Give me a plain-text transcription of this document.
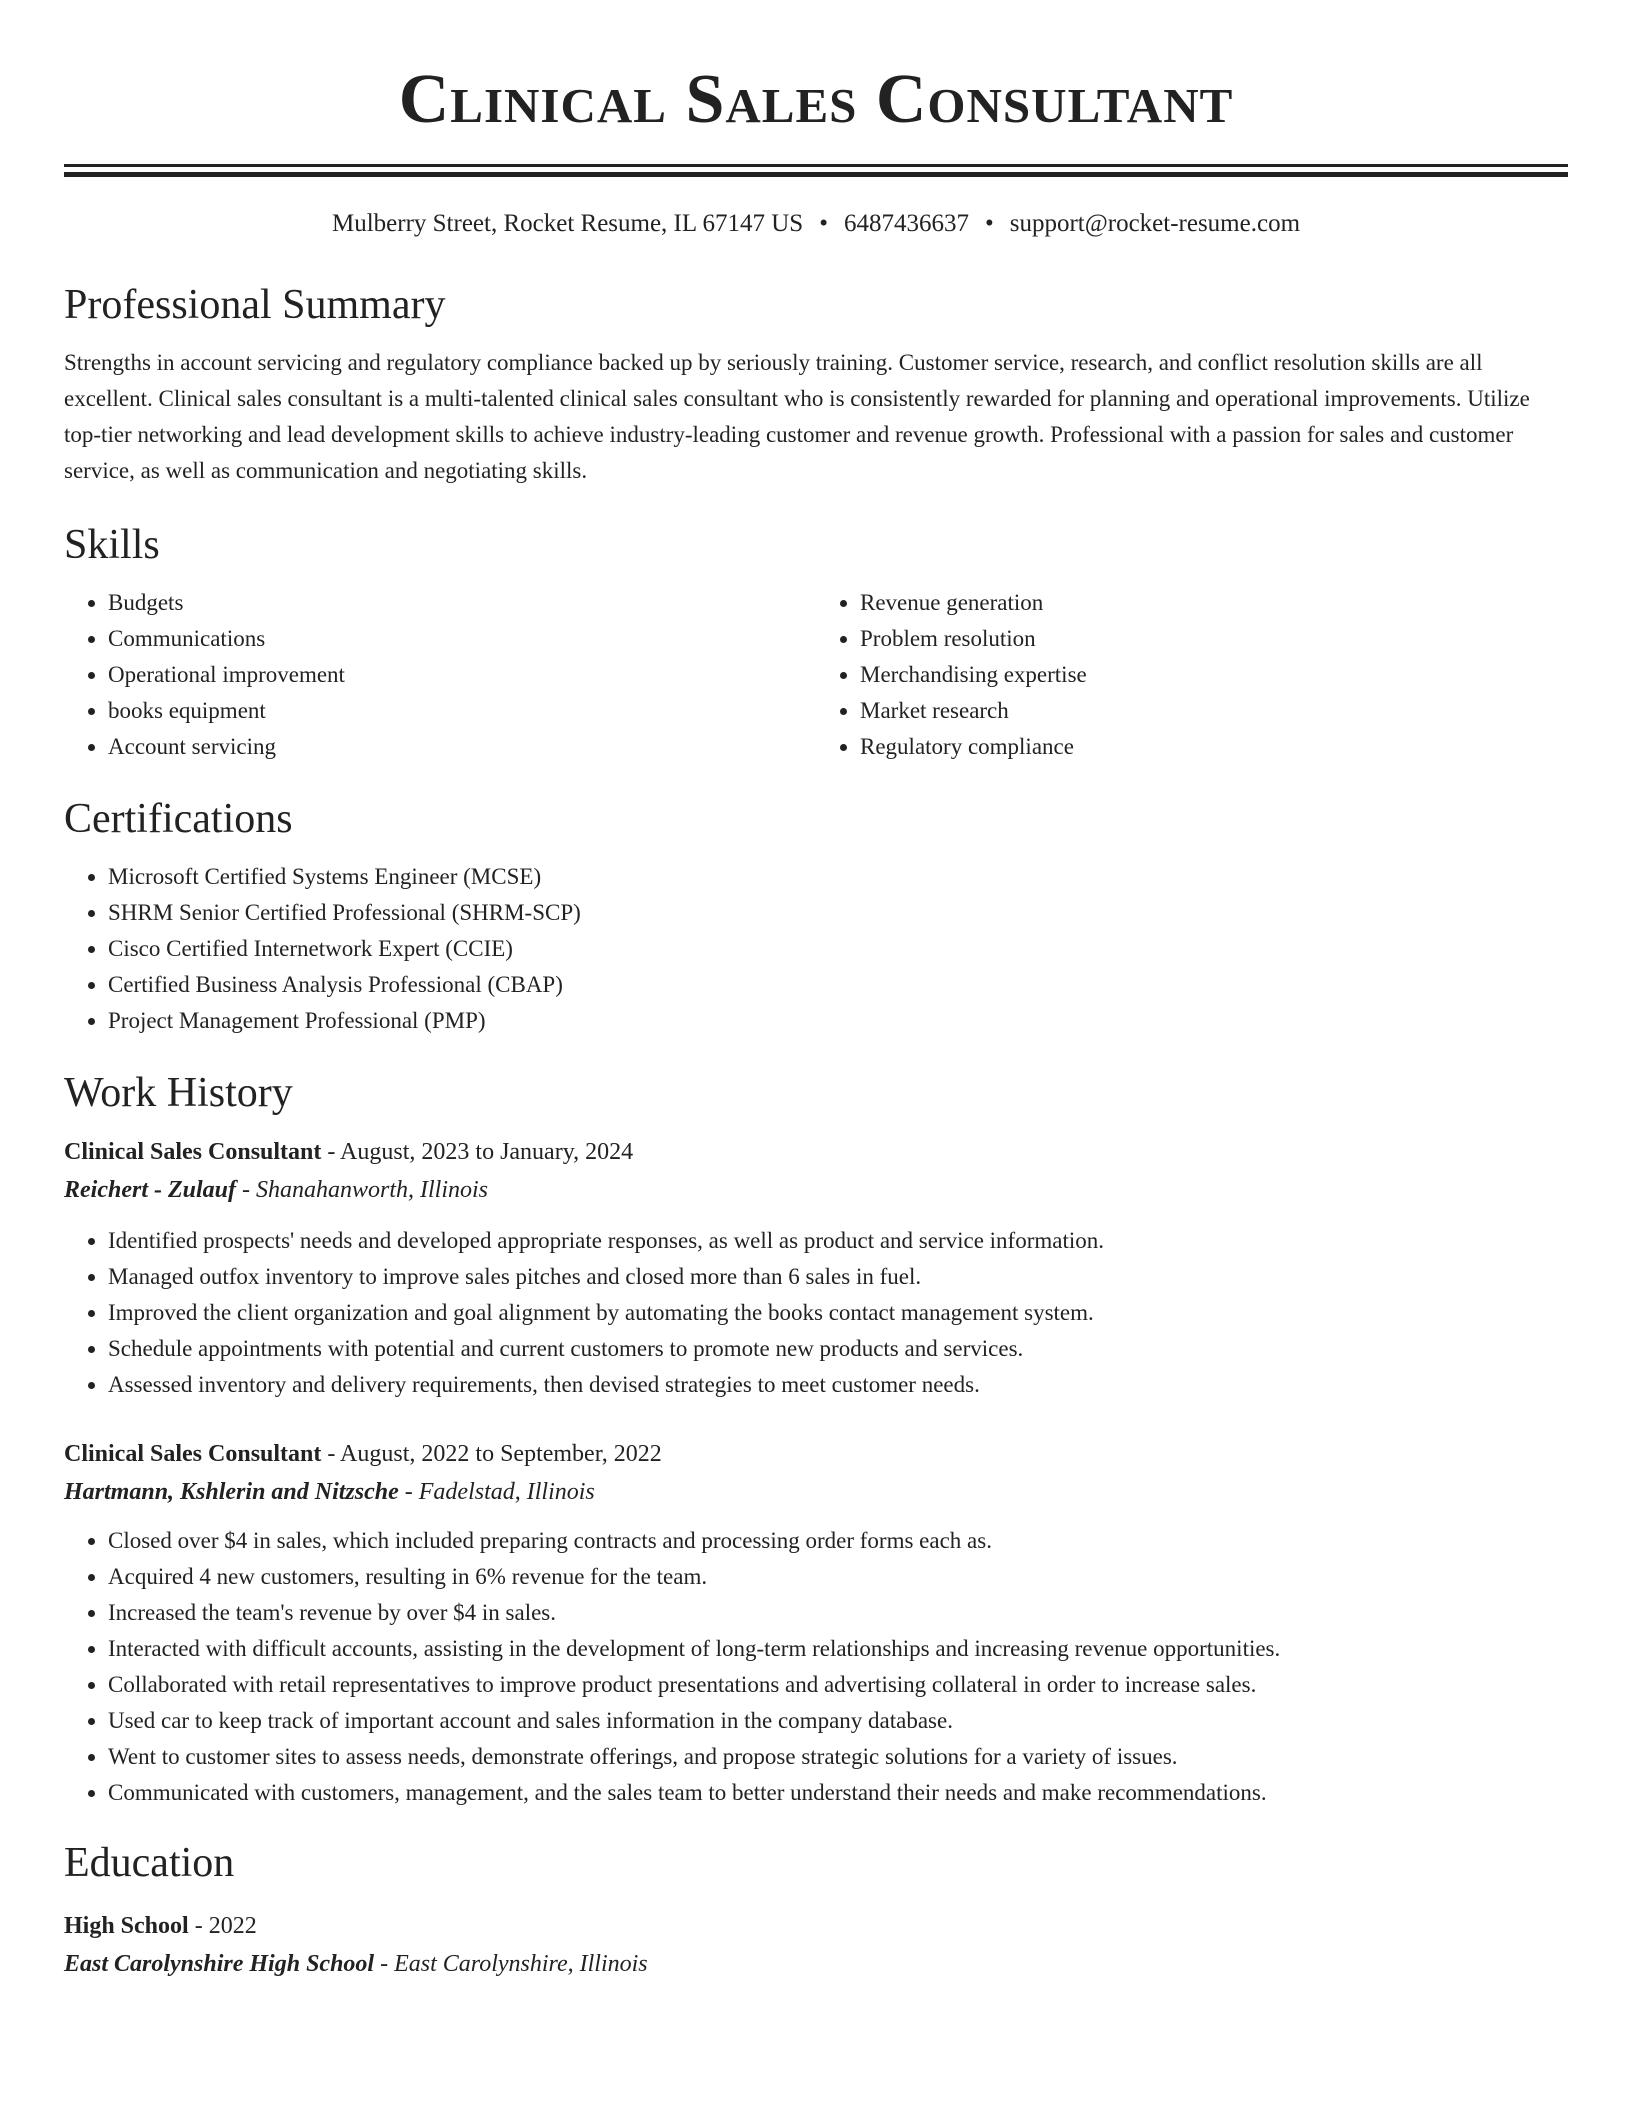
Clinical Sales Consultant
Mulberry Street, Rocket Resume, IL 67147 US • 6487436637 • support@rocket-resume.com
Professional Summary

Strengths in account servicing and regulatory compliance backed up by seriously training. Customer service, research, and conflict resolution skills are all excellent. Clinical sales consultant is a multi-talented clinical sales consultant who is consistently rewarded for planning and operational improvements. Utilize top-tier networking and lead development skills to achieve industry-leading customer and revenue growth. Professional with a passion for sales and customer service, as well as communication and negotiating skills.

Skills
• Budgets
• Communications
• Operational improvement
• books equipment
• Account servicing
• Revenue generation
• Problem resolution
• Merchandising expertise
• Market research
• Regulatory compliance
Certifications
• Microsoft Certified Systems Engineer (MCSE)
• SHRM Senior Certified Professional (SHRM-SCP)
• Cisco Certified Internetwork Expert (CCIE)
• Certified Business Analysis Professional (CBAP)
• Project Management Professional (PMP)
Work History
Clinical Sales Consultant - August, 2023 to January, 2024
Reichert - Zulauf - Shanahanworth, Illinois
• Identified prospects' needs and developed appropriate responses, as well as product and service information.
• Managed outfox inventory to improve sales pitches and closed more than 6 sales in fuel.
• Improved the client organization and goal alignment by automating the books contact management system.
• Schedule appointments with potential and current customers to promote new products and services.
• Assessed inventory and delivery requirements, then devised strategies to meet customer needs.
Clinical Sales Consultant - August, 2022 to September, 2022
Hartmann, Kshlerin and Nitzsche - Fadelstad, Illinois
• Closed over $4 in sales, which included preparing contracts and processing order forms each as.
• Acquired 4 new customers, resulting in 6% revenue for the team.
• Increased the team's revenue by over $4 in sales.
• Interacted with difficult accounts, assisting in the development of long-term relationships and increasing revenue opportunities.
• Collaborated with retail representatives to improve product presentations and advertising collateral in order to increase sales.
• Used car to keep track of important account and sales information in the company database.
• Went to customer sites to assess needs, demonstrate offerings, and propose strategic solutions for a variety of issues.
• Communicated with customers, management, and the sales team to better understand their needs and make recommendations.
Education
High School - 2022
East Carolynshire High School - East Carolynshire, Illinois
